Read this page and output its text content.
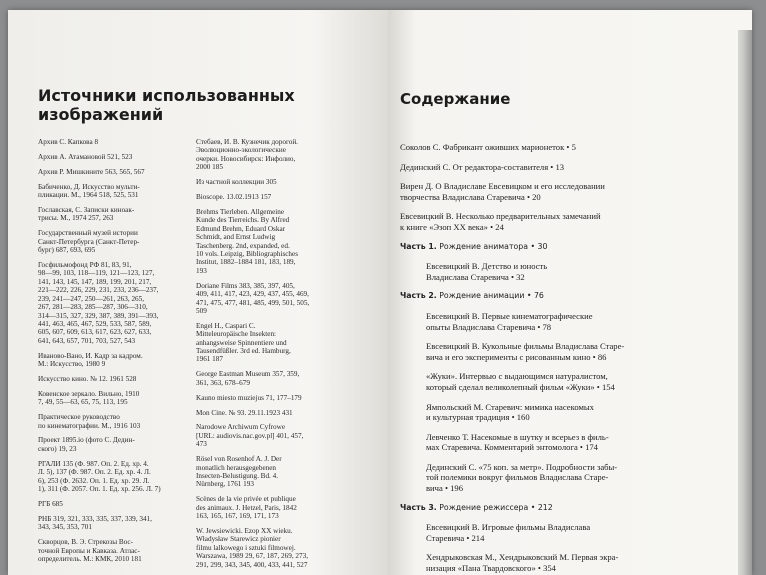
Источники использованных изображений
Архив С. Капкова 8
Архив А. Атамановой 521, 523
Архив Р. Мишкините 563, 565, 567
Бабиченко, Д. Искусство мульти-
пликации. М., 1964 518, 525, 531
Гославская, С. Записки киноак-
трисы. М., 1974 257, 263
Государственный музей истории
Санкт-Петербурга (Санкт-Петер-
бург) 687, 693, 695
Госфильмофонд РФ 81, 83, 91,
98—99, 103, 118—119, 121—123, 127,
141, 143, 145, 147, 189, 199, 201, 217,
221—222, 226, 229, 231, 233, 236—237,
239, 241—247, 250—261, 263, 265,
267, 281—283, 285—287, 306—310,
314—315, 327, 329, 387, 389, 391—393,
441, 463, 465, 467, 529, 533, 587, 589,
605, 607, 609, 613, 617, 623, 627, 633,
641, 643, 657, 701, 703, 527, 543
Иваново-Вано, И. Кадр за кадром.
М.: Искусство, 1980 9
Искусство кино. № 12. 1961 528
Ковенское зеркало. Вильно, 1910
7, 49, 55—63, 65, 75, 113, 195
Практическое руководство
по кинематографии. М., 1916 103
Проект 1895.io (фото С. Дедин-
ского) 19, 23
РГАЛИ 135 (Ф. 987. Оп. 2. Ед. хр. 4.
Л. 5), 137 (Ф. 987. Оп. 2. Ед. хр. 4. Л.
6), 253 (Ф. 2632. Оп. 1. Ед. хр. 29. Л.
1), 311 (Ф. 2057. Оп. 1. Ед. хр. 256. Л. 7)
РГБ 685
РНБ 319, 321, 333, 335, 337, 339, 341,
343, 345, 353, 701
Скворцов, В. Э. Стрекозы Вос-
точной Европы и Кавказа. Атлас-
определитель. М.: КМК, 2010 181
Стебаев, И. В. Кузнечик дорогой.
Эволюционно-экологические
очерки. Новосибирск: Инфолио,
2000 185
Из частной коллекции 305
Bioscope. 13.02.1913 157
Brehms Tierleben. Allgemeine
Kunde des Tierreichs. By Alfred
Edmund Brehm, Eduard Oskar
Schmidt, and Ernst Ludwig
Taschenberg. 2nd, expanded, ed.
10 vols. Leipzig, Bibliographisches
Institut, 1882–1884 181, 183, 189,
193
Doriane Films 383, 385, 397, 405,
409, 411, 417, 423, 429, 437, 455, 469,
471, 475, 477, 481, 485, 499, 501, 505,
509
Engel H., Caspari C.
Mitteleuropäische Insekten:
anhangsweise Spinnentiere und
Tausendfüßler. 3rd ed. Hamburg,
1961 187
George Eastman Museum 357, 359,
361, 363, 678–679
Kauno miesto muziejus 71, 177–179
Mon Cine. № 93. 29.11.1923 431
Narodowe Archiwum Cyfrowe
[URL: audiovis.nac.gov.pl] 401, 457,
473
Rösel von Rosenhof A. J. Der
monatlich herausgegebenen
Insecten-Belustigung. Bd. 4.
Nürnberg, 1761 193
Scènes de la vie privée et publique
des animaux. J. Hetzel, Paris, 1842
163, 165, 167, 169, 171, 173
W. Jewsiewicki. Ezop XX wieku.
Władysław Starewicz pionier
filmu lalkowego i sztuki filmowej.
Warszawa, 1989 29, 67, 187, 269, 273,
291, 299, 343, 345, 400, 433, 441, 527
Содержание
Соколов С. Фабрикант оживших марионеток • 5
Дединский С. От редактора-составителя • 13
Вирен Д. О Владиславе Евсевицком и его исследовании
творчества Владислава Старевича • 20
Евсевицкий В. Несколько предварительных замечаний
к книге «Эзоп XX века» • 24
Часть 1. Рождение аниматора • 30
Евсевицкий В. Детство и юность
Владислава Старевича • 32
Часть 2. Рождение анимации • 76
Евсевицкий В. Первые кинематографические
опыты Владислава Старевича • 78
Евсевицкий В. Кукольные фильмы Владислава Старе-
вича и его эксперименты с рисованным кино • 86
«Жуки». Интервью с выдающимся натуралистом,
который сделал великолепный фильм «Жуки» • 154
Ямпольский М. Старевич: мимика насекомых
и культурная традиция • 160
Левченко Т. Насекомые в шутку и всерьез в филь-
мах Старевича. Комментарий энтомолога • 174
Дединский С. «75 коп. за метр». Подробности забы-
той полемики вокруг фильмов Владислава Старе-
вича • 196
Часть 3. Рождение режиссера • 212
Евсевицкий В. Игровые фильмы Владислава
Старевича • 214
Хендрыковская М., Хендрыковский М. Первая экра-
низация «Пана Твардовского» • 354
